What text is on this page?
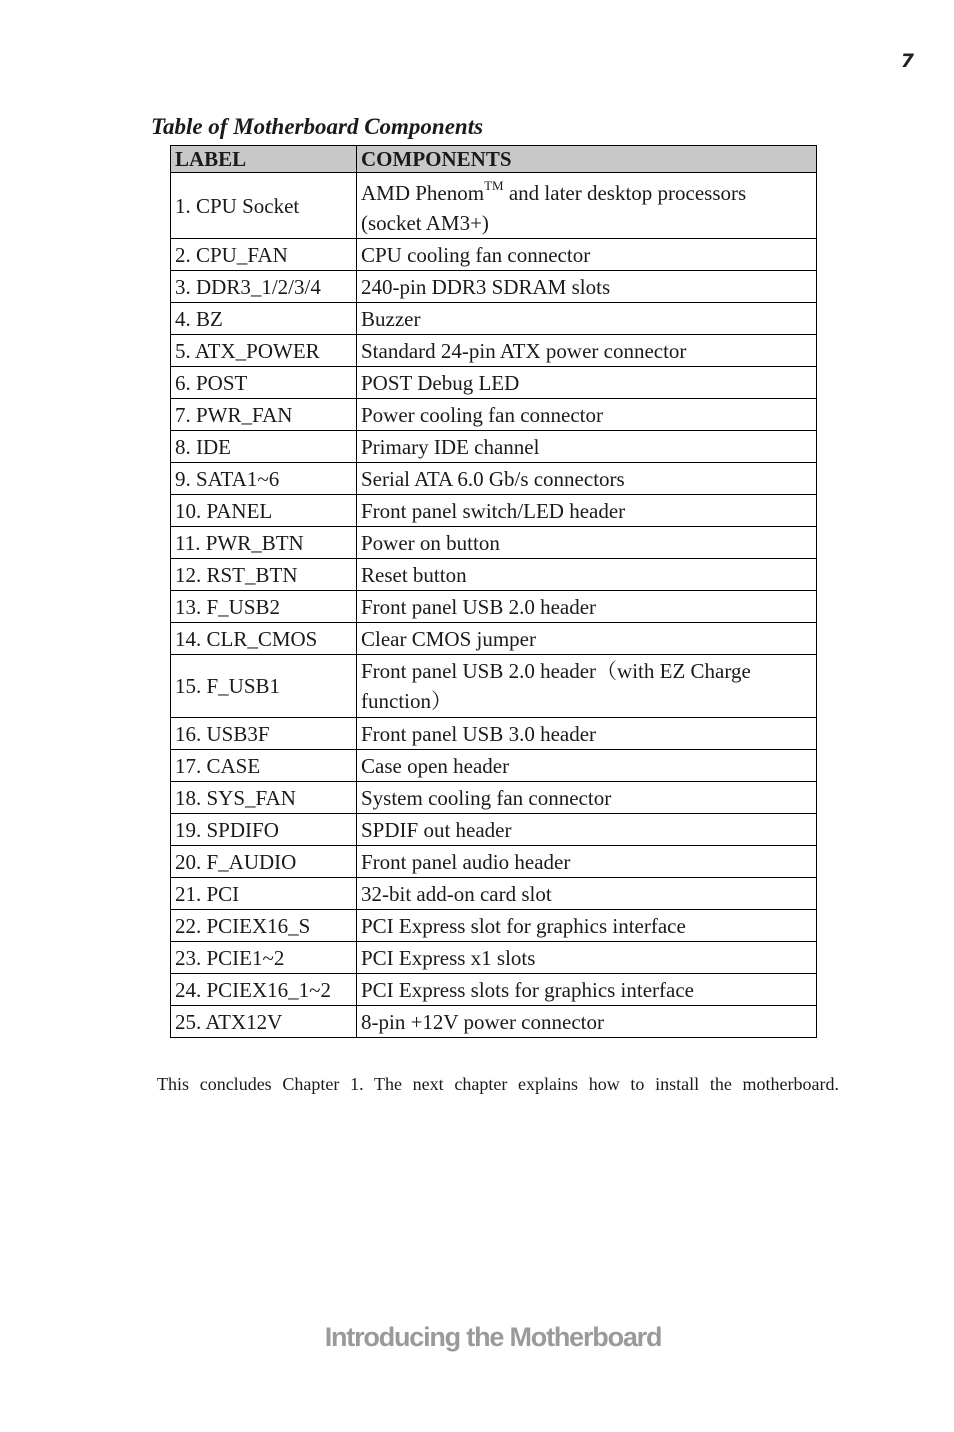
7
Table of Motherboard Components
LABEL	COMPONENTS
1. CPU Socket	AMD Phenom™ and later desktop processors (socket AM3+)
2. CPU_FAN	CPU cooling fan connector
3. DDR3_1/2/3/4	240-pin DDR3 SDRAM slots
4. BZ	Buzzer
5. ATX_POWER	Standard 24-pin ATX power connector
6. POST	POST Debug LED
7. PWR_FAN	Power cooling fan connector
8. IDE	Primary IDE channel
9. SATA1~6	Serial ATA 6.0 Gb/s connectors
10. PANEL	Front panel switch/LED header
11. PWR_BTN	Power on button
12. RST_BTN	Reset button
13. F_USB2	Front panel USB 2.0 header
14. CLR_CMOS	Clear CMOS jumper
15. F_USB1	Front panel USB 2.0 header（with EZ Charge function）
16. USB3F	Front panel USB 3.0 header
17. CASE	Case open header
18. SYS_FAN	System cooling fan connector
19. SPDIFO	SPDIF out header
20. F_AUDIO	Front panel audio header
21. PCI	32-bit add-on card slot
22. PCIEX16_S	PCI Express slot for graphics interface
23. PCIE1~2	PCI Express x1 slots
24. PCIEX16_1~2	PCI Express slots for graphics interface
25. ATX12V	8-pin +12V power connector
This concludes Chapter 1. The next chapter explains how to install the motherboard.
Introducing the Motherboard
